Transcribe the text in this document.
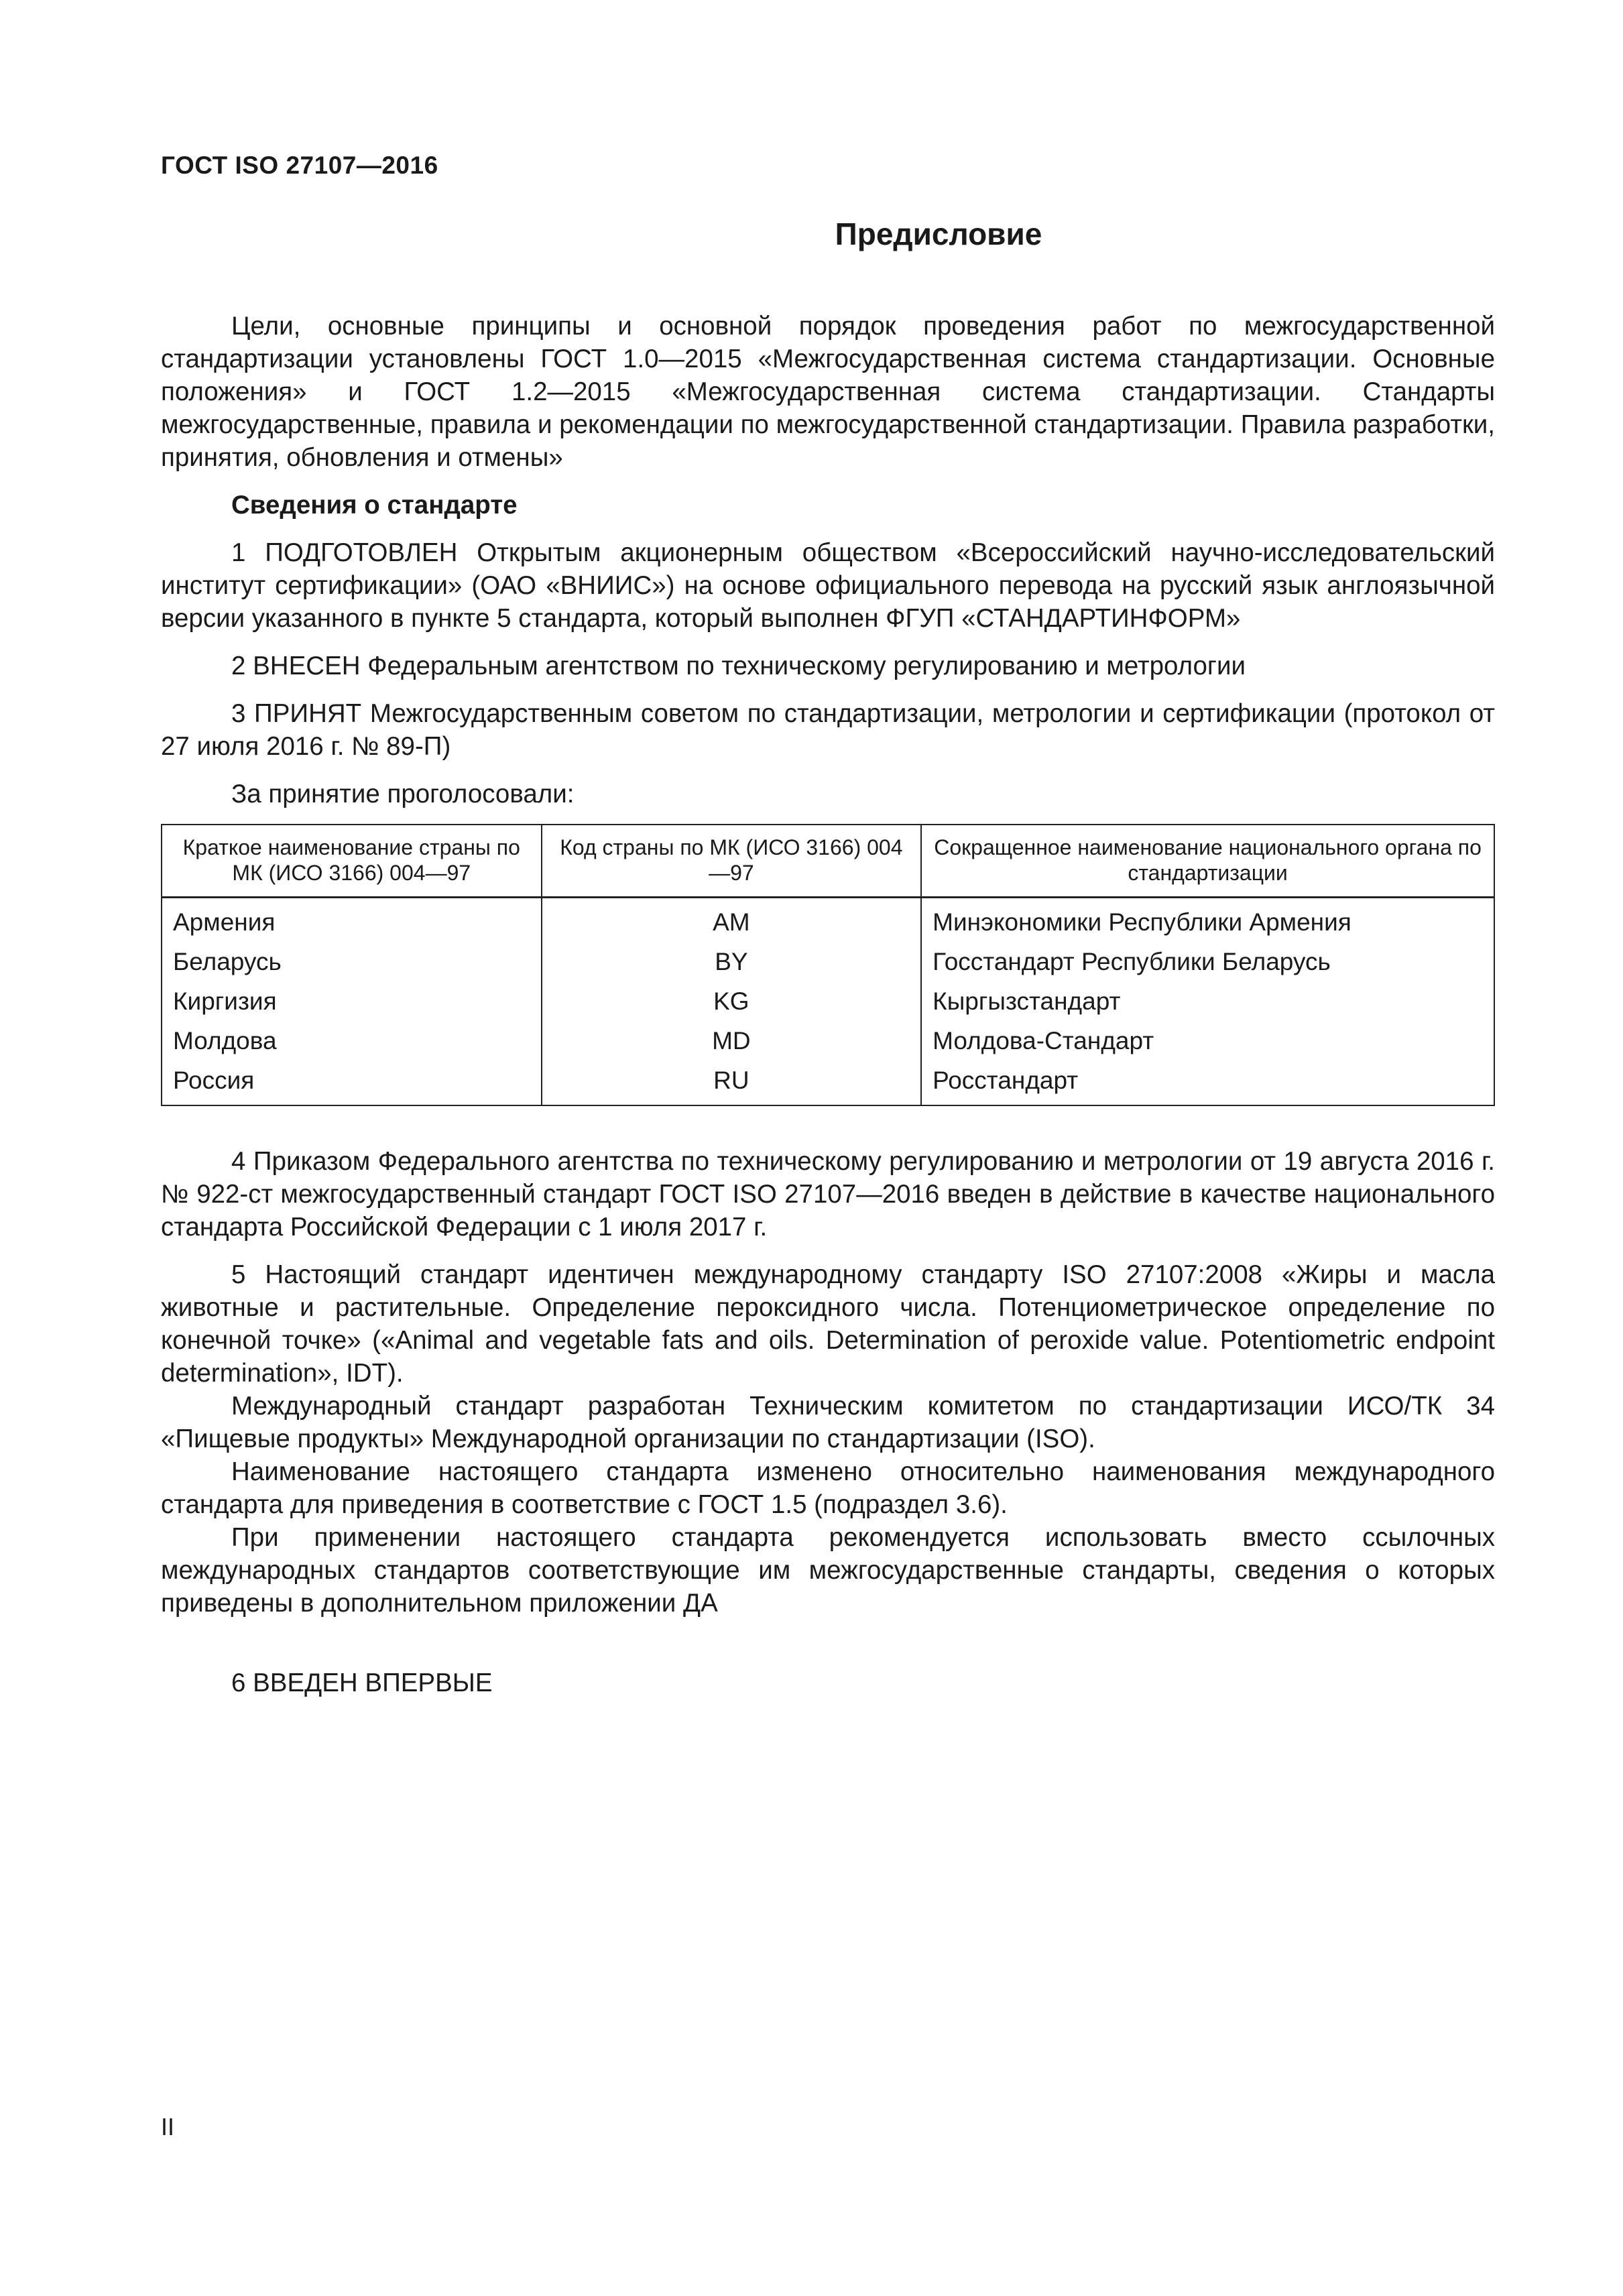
ГОСТ ISO 27107—2016
Предисловие

Цели, основные принципы и основной порядок проведения работ по межгосударственной стандартизации установлены ГОСТ 1.0—2015 «Межгосударственная система стандартизации. Основные положения» и ГОСТ 1.2—2015 «Межгосударственная система стандартизации. Стандарты межгосударственные, правила и рекомендации по межгосударственной стандартизации. Правила разработки, принятия, обновления и отмены»

Сведения о стандарте

1 ПОДГОТОВЛЕН Открытым акционерным обществом «Всероссийский научно-исследовательский институт сертификации» (ОАО «ВНИИС») на основе официального перевода на русский язык англоязычной версии указанного в пункте 5 стандарта, который выполнен ФГУП «СТАНДАРТИНФОРМ»

2 ВНЕСЕН Федеральным агентством по техническому регулированию и метрологии

3 ПРИНЯТ Межгосударственным советом по стандартизации, метрологии и сертификации (протокол от 27 июля 2016 г. № 89-П)

За принятие проголосовали:

Краткое наименование страны по МК (ИСО 3166) 004—97	Код страны по МК (ИСО 3166) 004—97	Сокращенное наименование национального органа по стандартизации
Армения	AM	Минэкономики Республики Армения
Беларусь	BY	Госстандарт Республики Беларусь
Киргизия	KG	Кыргызстандарт
Молдова	MD	Молдова-Стандарт
Россия	RU	Росстандарт

4 Приказом Федерального агентства по техническому регулированию и метрологии от 19 августа 2016 г. № 922-ст межгосударственный стандарт ГОСТ ISO 27107—2016 введен в действие в качестве национального стандарта Российской Федерации с 1 июля 2017 г.

5 Настоящий стандарт идентичен международному стандарту ISO 27107:2008 «Жиры и масла животные и растительные. Определение пероксидного числа. Потенциометрическое определение по конечной точке» («Animal and vegetable fats and oils. Determination of peroxide value. Potentiometric endpoint determination», IDT).

Международный стандарт разработан Техническим комитетом по стандартизации ИСО/ТК 34 «Пищевые продукты» Международной организации по стандартизации (ISO).

Наименование настоящего стандарта изменено относительно наименования международного стандарта для приведения в соответствие с ГОСТ 1.5 (подраздел 3.6).

При применении настоящего стандарта рекомендуется использовать вместо ссылочных международных стандартов соответствующие им межгосударственные стандарты, сведения о которых приведены в дополнительном приложении ДА

6 ВВЕДЕН ВПЕРВЫЕ

II
